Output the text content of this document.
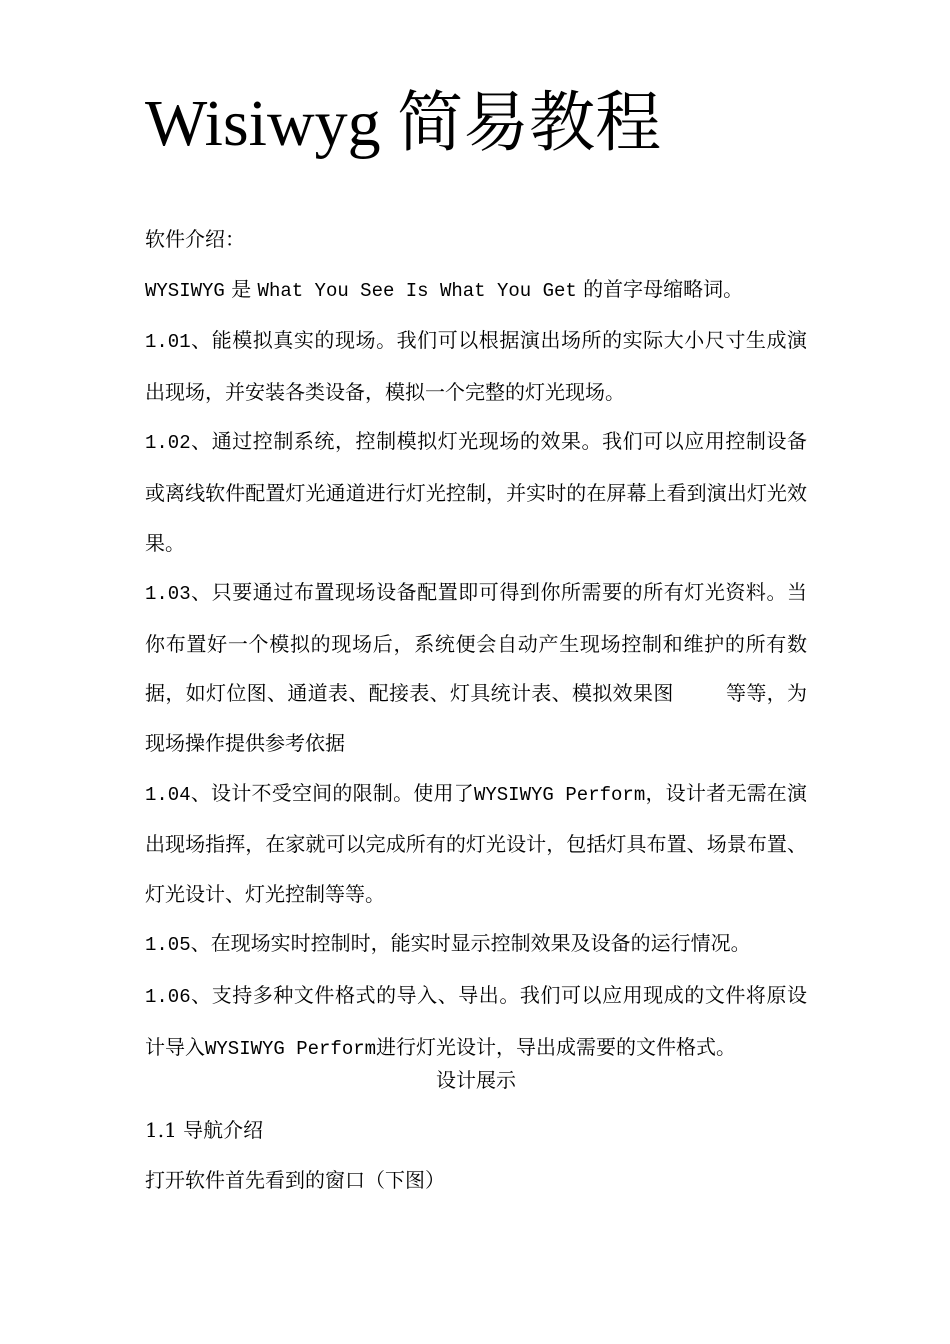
Wisiwyg 简易教程

软件介绍：

WYSIWYG 是 What You See Is What You Get 的首字母缩略词。

1.01、能模拟真实的现场。我们可以根据演出场所的实际大小尺寸生成演出现场，并安装各类设备，模拟一个完整的灯光现场。

1.02、通过控制系统，控制模拟灯光现场的效果。我们可以应用控制设备或离线软件配置灯光通道进行灯光控制，并实时的在屏幕上看到演出灯光效果。

1.03、只要通过布置现场设备配置即可得到你所需要的所有灯光资料。当你布置好一个模拟的现场后，系统便会自动产生现场控制和维护的所有数据，如灯位图、通道表、配接表、灯具统计表、模拟效果图	等等，为现场操作提供参考依据

1.04、设计不受空间的限制。使用了WYSIWYG Perform，设计者无需在演出现场指挥，在家就可以完成所有的灯光设计，包括灯具布置、场景布置、灯光设计、灯光控制等等。

1.05、在现场实时控制时，能实时显示控制效果及设备的运行情况。

1.06、支持多种文件格式的导入、导出。我们可以应用现成的文件将原设计导入WYSIWYG Perform进行灯光设计，导出成需要的文件格式。

设计展示

1.1 导航介绍

打开软件首先看到的窗口（下图）
